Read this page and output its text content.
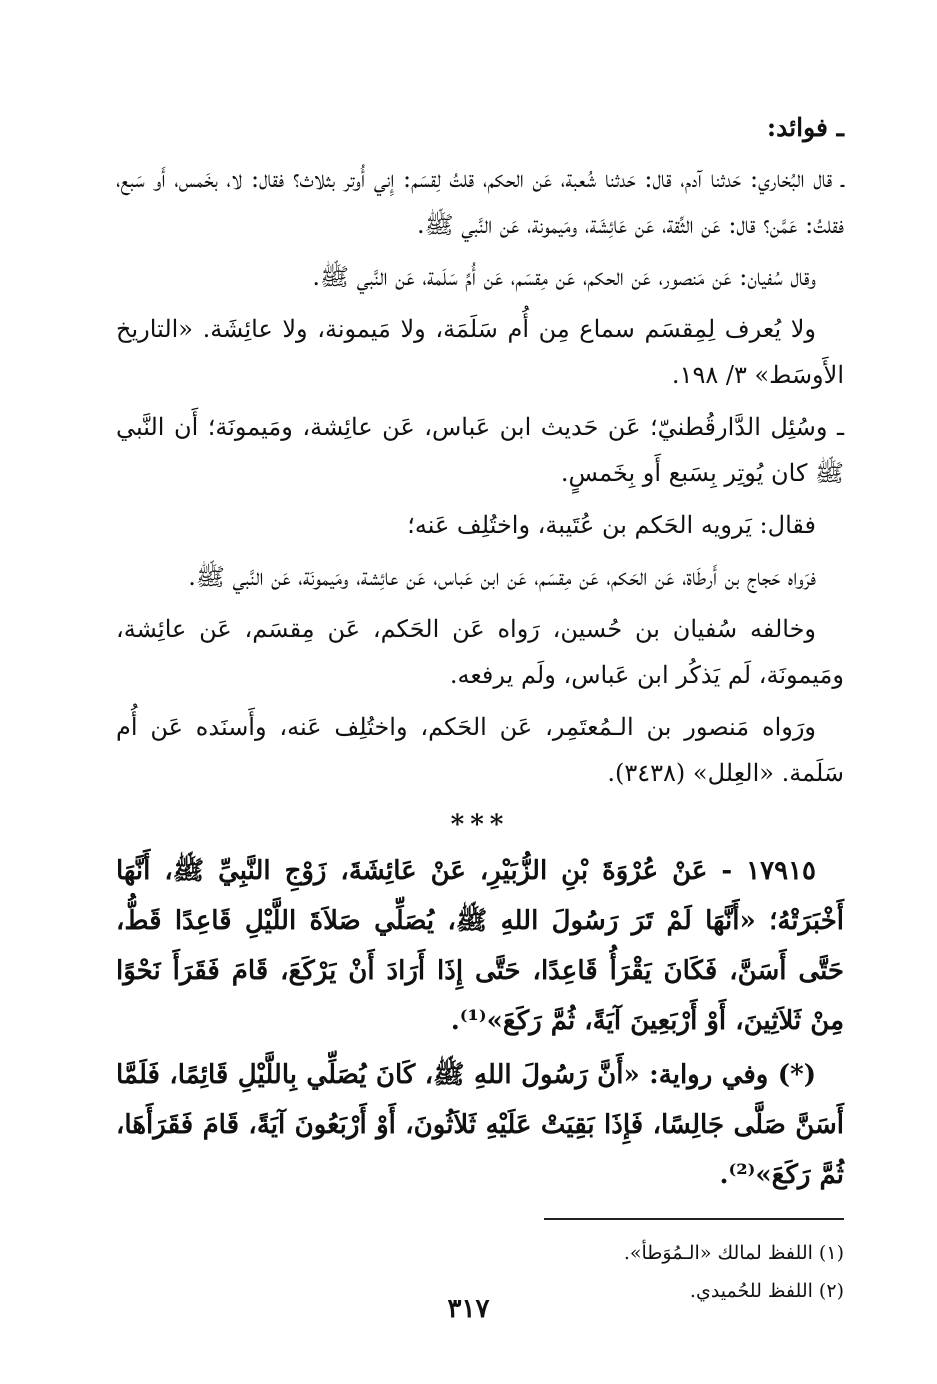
ـ فوائد:

ـ قال البُخاري: حَدثنا آدم، قال: حَدثنا شُعبة، عَن الحكم، قلتُ لِقسَم: إِني أُوتر بثلاث؟ فقال: لا، بخَمس، أَو سَبع، فقلتُ: عَمَّن؟ قال: عَن الثِّقة، عَن عَائِشَة، ومَيمونة، عَن النَّبي ﷺ.

وقال سُفيان: عَن مَنصور، عَن الحكم، عَن مِقسَم، عَن أُمِّ سَلَمة، عَن النَّبي ﷺ.

ولا يُعرف لِمِقسَم سماع مِن أُم سَلَمَة، ولا مَيمونة، ولا عائِشَة. «التاريخ الأَوسَط» ٣/ ١٩٨.

ـ وسُئِل الدَّارقُطنيّ؛ عَن حَديث ابن عَباس، عَن عائِشة، ومَيمونَة؛ أَن النَّبي ﷺ كان يُوتِر بِسَبع أَو بِخَمسٍ.

فقال: يَرويه الحَكم بن عُتَيبة، واختُلِف عَنه؛

فرَواه حَجاج بن أَرطَاة، عَن الحَكم، عَن مِقسَم، عَن ابن عَباس، عَن عائِشة، ومَيمونَة، عَن النَّبي ﷺ.

وخالفه سُفيان بن حُسين، رَواه عَن الحَكم، عَن مِقسَم، عَن عائِشة، ومَيمونَة، لَم يَذكُر ابن عَباس، ولَم يرفعه.

ورَواه مَنصور بن الـمُعتَمِر، عَن الحَكم، واختُلِف عَنه، وأَسنَده عَن أُم سَلَمة. «العِلل» (٣٤٣٨).

***

١٧٩١٥ - عَنْ عُرْوَةَ بْنِ الزُّبَيْرِ، عَنْ عَائِشَةَ، زَوْجِ النَّبِيِّ ﷺ، أَنَّهَا أَخْبَرَتْهُ؛ «أَنَّهَا لَمْ تَرَ رَسُولَ اللهِ ﷺ، يُصَلِّي صَلاَةَ اللَّيْلِ قَاعِدًا قَطُّ، حَتَّى أَسَنَّ، فَكَانَ يَقْرَأُ قَاعِدًا، حَتَّى إِذَا أَرَادَ أَنْ يَرْكَعَ، قَامَ فَقَرَأَ نَحْوًا مِنْ ثَلاَثِينَ، أَوْ أَرْبَعِينَ آيَةً، ثُمَّ رَكَعَ»⁽¹⁾.

(*) وفي رواية: «أَنَّ رَسُولَ اللهِ ﷺ، كَانَ يُصَلِّي بِاللَّيْلِ قَائِمًا، فَلَمَّا أَسَنَّ صَلَّى جَالِسًا، فَإِذَا بَقِيَتْ عَلَيْهِ ثَلاَثُونَ، أَوْ أَرْبَعُونَ آيَةً، قَامَ فَقَرَأَهَا، ثُمَّ رَكَعَ»⁽²⁾.

(١) اللفظ لمالك «الـمُوَطأ».

(٢) اللفظ للحُميدي.

٣١٧
